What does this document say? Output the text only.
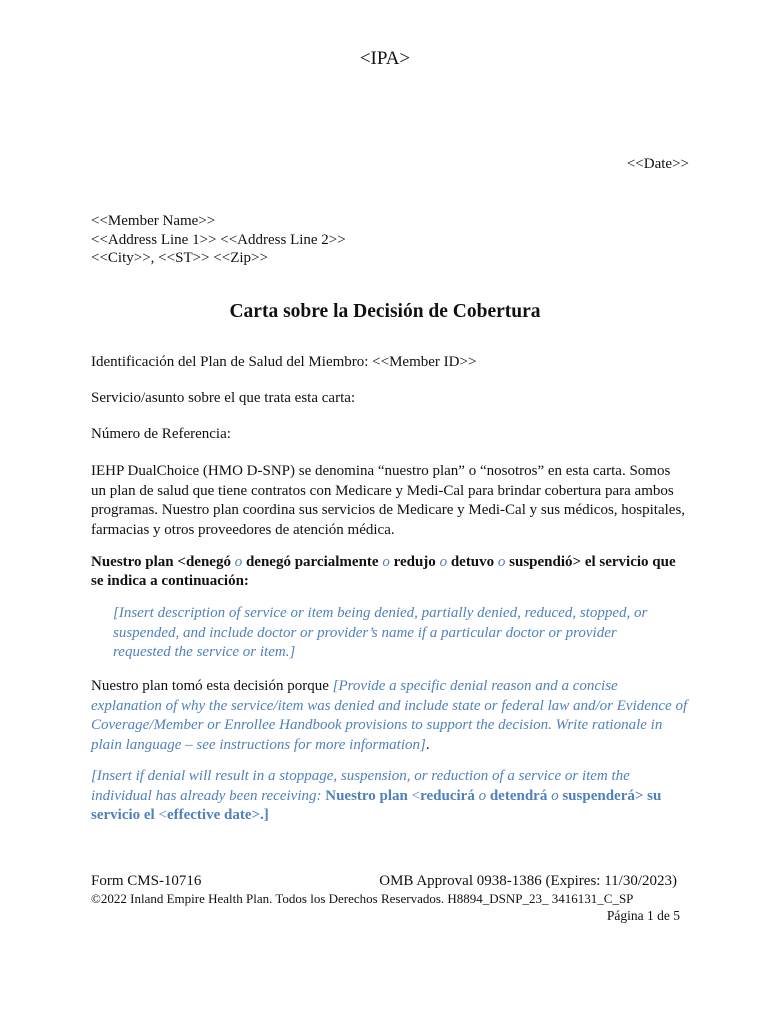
<IPA>
<<Date>>
<<Member Name>>
<<Address Line 1>> <<Address Line 2>>
<<City>>, <<ST>> <<Zip>>
Carta sobre la Decisión de Cobertura
Identificación del Plan de Salud del Miembro: <<Member ID>>
Servicio/asunto sobre el que trata esta carta:
Número de Referencia:
IEHP DualChoice (HMO D-SNP) se denomina “nuestro plan” o “nosotros” en esta carta. Somos un plan de salud que tiene contratos con Medicare y Medi-Cal para brindar cobertura para ambos programas. Nuestro plan coordina sus servicios de Medicare y Medi-Cal y sus médicos, hospitales, farmacias y otros proveedores de atención médica.
Nuestro plan <denegó o denegó parcialmente o redujo o detuvo o suspendió> el servicio que se indica a continuación:
[Insert description of service or item being denied, partially denied, reduced, stopped, or suspended, and include doctor or provider’s name if a particular doctor or provider requested the service or item.]
Nuestro plan tomó esta decisión porque [Provide a specific denial reason and a concise explanation of why the service/item was denied and include state or federal law and/or Evidence of Coverage/Member or Enrollee Handbook provisions to support the decision. Write rationale in plain language – see instructions for more information].
[Insert if denial will result in a stoppage, suspension, or reduction of a service or item the individual has already been receiving: Nuestro plan <reducirá o detendrá o suspenderá> su servicio el <effective date>.]
Form CMS-10716	OMB Approval 0938-1386 (Expires: 11/30/2023)
©2022 Inland Empire Health Plan. Todos los Derechos Reservados. H8894_DSNP_23_ 3416131_C_SP
Página 1 de 5
